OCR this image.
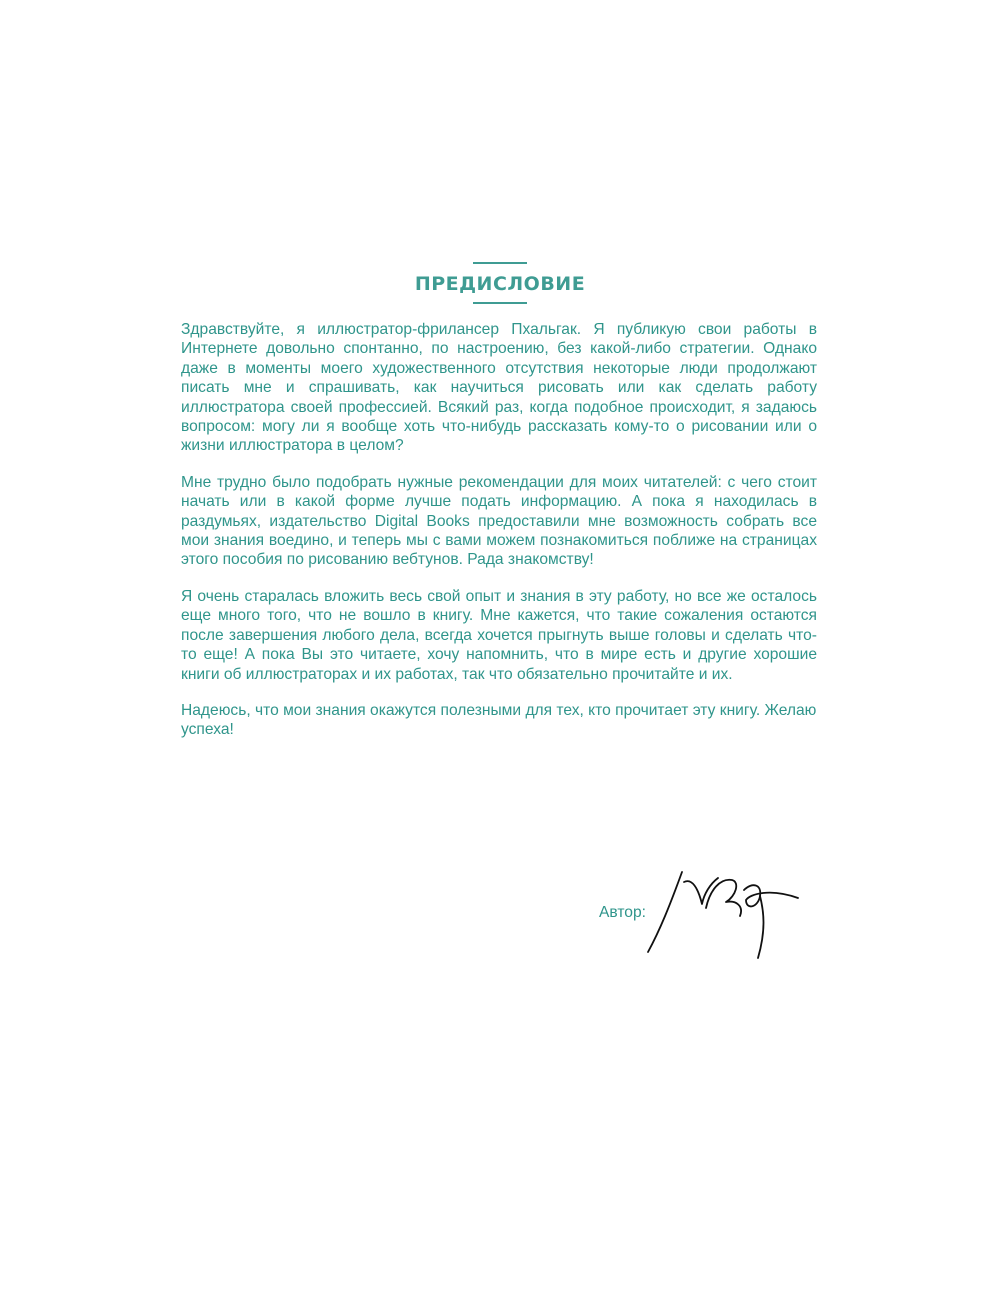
ПРЕДИСЛОВИЕ

Здравствуйте, я иллюстратор-фрилансер Пхальгак. Я публикую свои работы в Интернете довольно спонтанно, по настроению, без какой-либо стратегии. Однако даже в моменты моего художественного отсутствия некоторые люди продолжают писать мне и спрашивать, как научиться рисовать или как сделать работу иллюстратора своей профессией. Всякий раз, когда подобное происходит, я задаюсь вопросом: могу ли я вообще хоть что-нибудь рассказать кому-то о рисовании или о жизни иллюстратора в целом?

Мне трудно было подобрать нужные рекомендации для моих читателей: с чего стоит начать или в какой форме лучше подать информацию. А пока я находилась в раздумьях, издательство Digital Books предоставили мне возможность собрать все мои знания воедино, и теперь мы с вами можем познакомиться поближе на страницах этого пособия по рисованию вебтунов. Рада знакомству!

Я очень старалась вложить весь свой опыт и знания в эту работу, но все же осталось еще много того, что не вошло в книгу. Мне кажется, что такие сожаления остаются после завершения любого дела, всегда хочется прыгнуть выше головы и сделать что-то еще! А пока Вы это читаете, хочу напомнить, что в мире есть и другие хорошие книги об иллюстраторах и их работах, так что обязательно прочитайте и их.

Надеюсь, что мои знания окажутся полезными для тех, кто прочитает эту книгу. Желаю успеха!

Автор:
